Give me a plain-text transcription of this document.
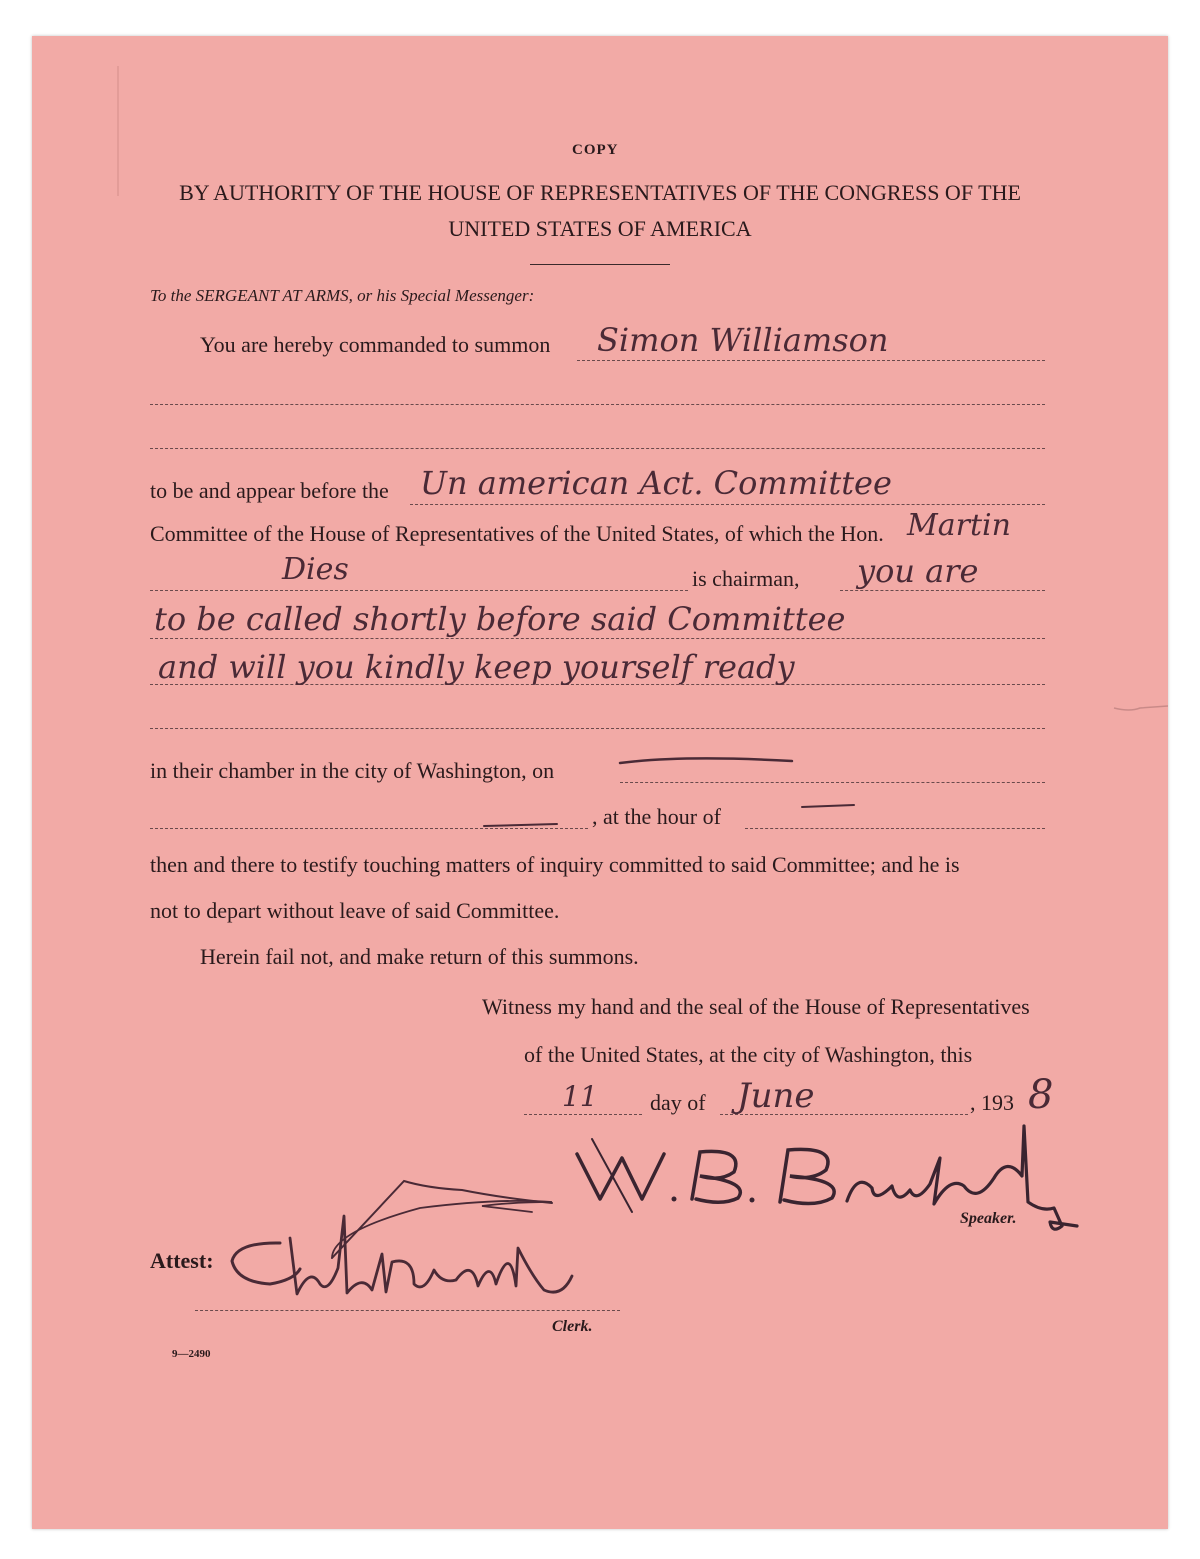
COPY
BY AUTHORITY OF THE HOUSE OF REPRESENTATIVES OF THE CONGRESS OF THE
UNITED STATES OF AMERICA
To the SERGEANT AT ARMS, or his Special Messenger:
You are hereby commanded to summon Simon Williamson
to be and appear before the Un american Act. Committee
Committee of the House of Representatives of the United States, of which the Hon. Martin
Dies	is chairman, you are
to be called shortly before said Committee
and will you kindly keep yourself ready
in their chamber in the city of Washington, on
, at the hour of
then and there to testify touching matters of inquiry committed to said Committee; and he is
not to depart without leave of said Committee.
Herein fail not, and make return of this summons.
Witness my hand and the seal of the House of Representatives
of the United States, at the city of Washington, this
11 day of June	, 193 8
Speaker.
Attest:
Clerk.
9—2490
